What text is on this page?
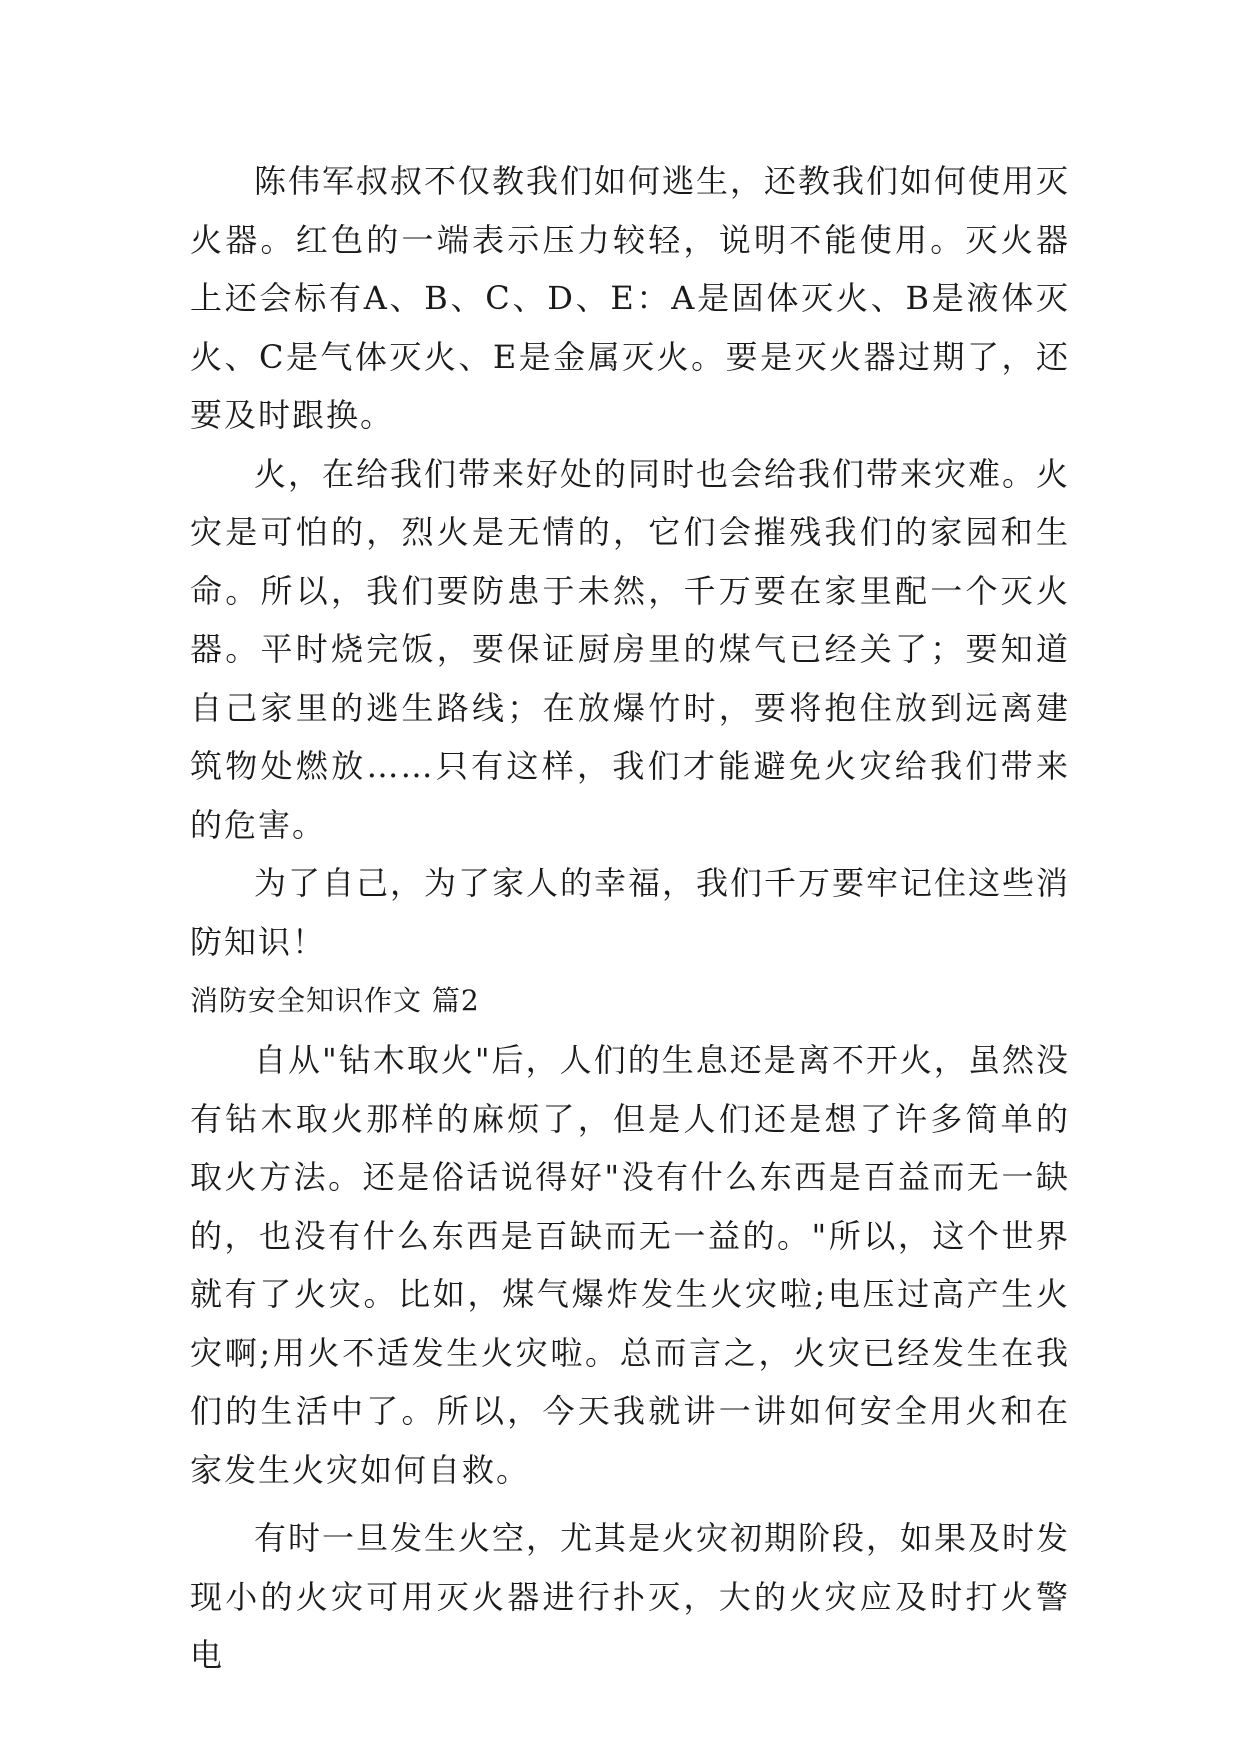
陈伟军叔叔不仅教我们如何逃生，还教我们如何使用灭火器。红色的一端表示压力较轻，说明不能使用。灭火器上还会标有A、B、C、D、E：A是固体灭火、B是液体灭火、C是气体灭火、E是金属灭火。要是灭火器过期了，还要及时跟换。

火，在给我们带来好处的同时也会给我们带来灾难。火灾是可怕的，烈火是无情的，它们会摧残我们的家园和生命。所以，我们要防患于未然，千万要在家里配一个灭火器。平时烧完饭，要保证厨房里的煤气已经关了；要知道自己家里的逃生路线；在放爆竹时，要将抱住放到远离建筑物处燃放……只有这样，我们才能避免火灾给我们带来的危害。

为了自己，为了家人的幸福，我们千万要牢记住这些消防知识！

消防安全知识作文 篇2

自从"钻木取火"后，人们的生息还是离不开火，虽然没有钻木取火那样的麻烦了，但是人们还是想了许多简单的取火方法。还是俗话说得好"没有什么东西是百益而无一缺的，也没有什么东西是百缺而无一益的。"所以，这个世界就有了火灾。比如，煤气爆炸发生火灾啦;电压过高产生火灾啊;用火不适发生火灾啦。总而言之，火灾已经发生在我们的生活中了。所以，今天我就讲一讲如何安全用火和在家发生火灾如何自救。

有时一旦发生火空，尤其是火灾初期阶段，如果及时发现小的火灾可用灭火器进行扑灭，大的火灾应及时打火警电
